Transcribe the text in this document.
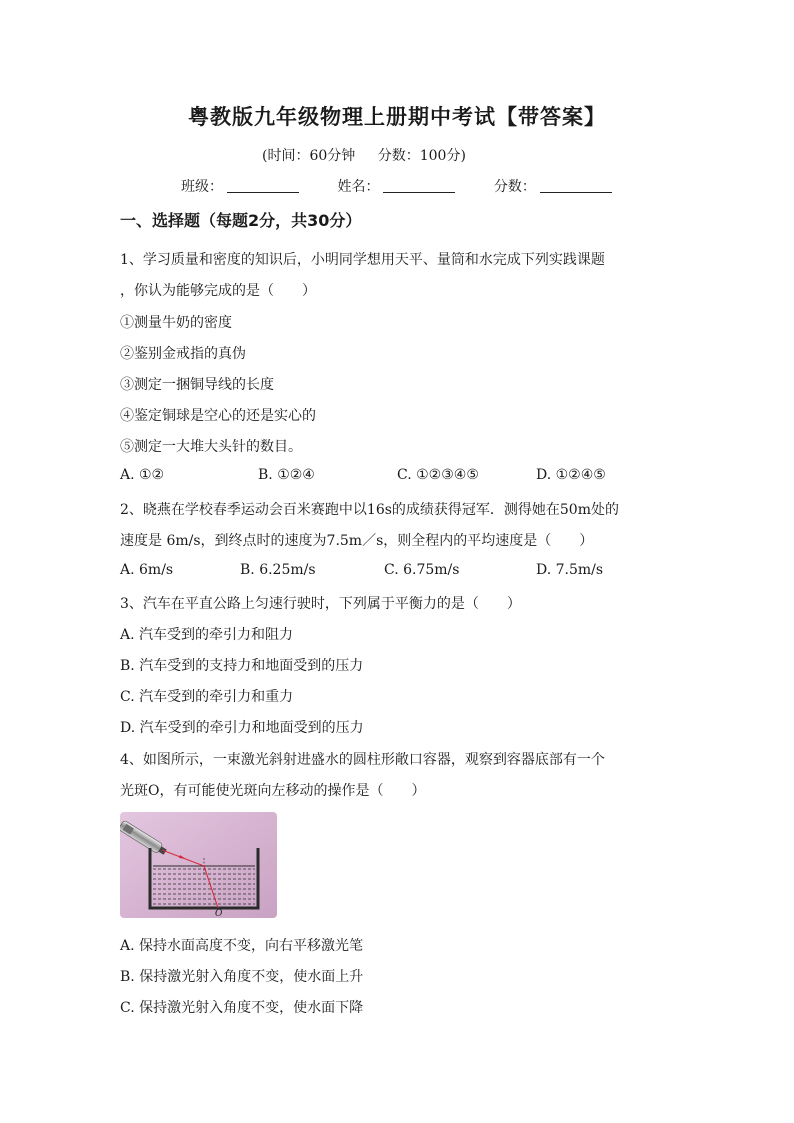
粤教版九年级物理上册期中考试【带答案】
(时间：60分钟 分数：100分)
班级：	姓名：	分数：
一、选择题（每题2分，共30分）
1、学习质量和密度的知识后，小明同学想用天平、量筒和水完成下列实践课题
，你认为能够完成的是（　　）
①测量牛奶的密度
②鉴别金戒指的真伪
③测定一捆铜导线的长度
④鉴定铜球是空心的还是实心的
⑤测定一大堆大头针的数目。
A. ①②	B. ①②④	C. ①②③④⑤	D. ①②④⑤
2、晓燕在学校春季运动会百米赛跑中以16s的成绩获得冠军．测得她在50m处的
速度是 6m/s，到终点时的速度为7.5m／s，则全程内的平均速度是（　　）
A. 6m/s	B. 6.25m/s	C. 6.75m/s	D. 7.5m/s
3、汽车在平直公路上匀速行驶时，下列属于平衡力的是（　　）
A. 汽车受到的牵引力和阻力
B. 汽车受到的支持力和地面受到的压力
C. 汽车受到的牵引力和重力
D. 汽车受到的牵引力和地面受到的压力
4、如图所示，一束激光斜射进盛水的圆柱形敞口容器，观察到容器底部有一个
光斑O，有可能使光斑向左移动的操作是（　　）
O
A. 保持水面高度不变，向右平移激光笔
B. 保持激光射入角度不变，使水面上升
C. 保持激光射入角度不变，使水面下降
